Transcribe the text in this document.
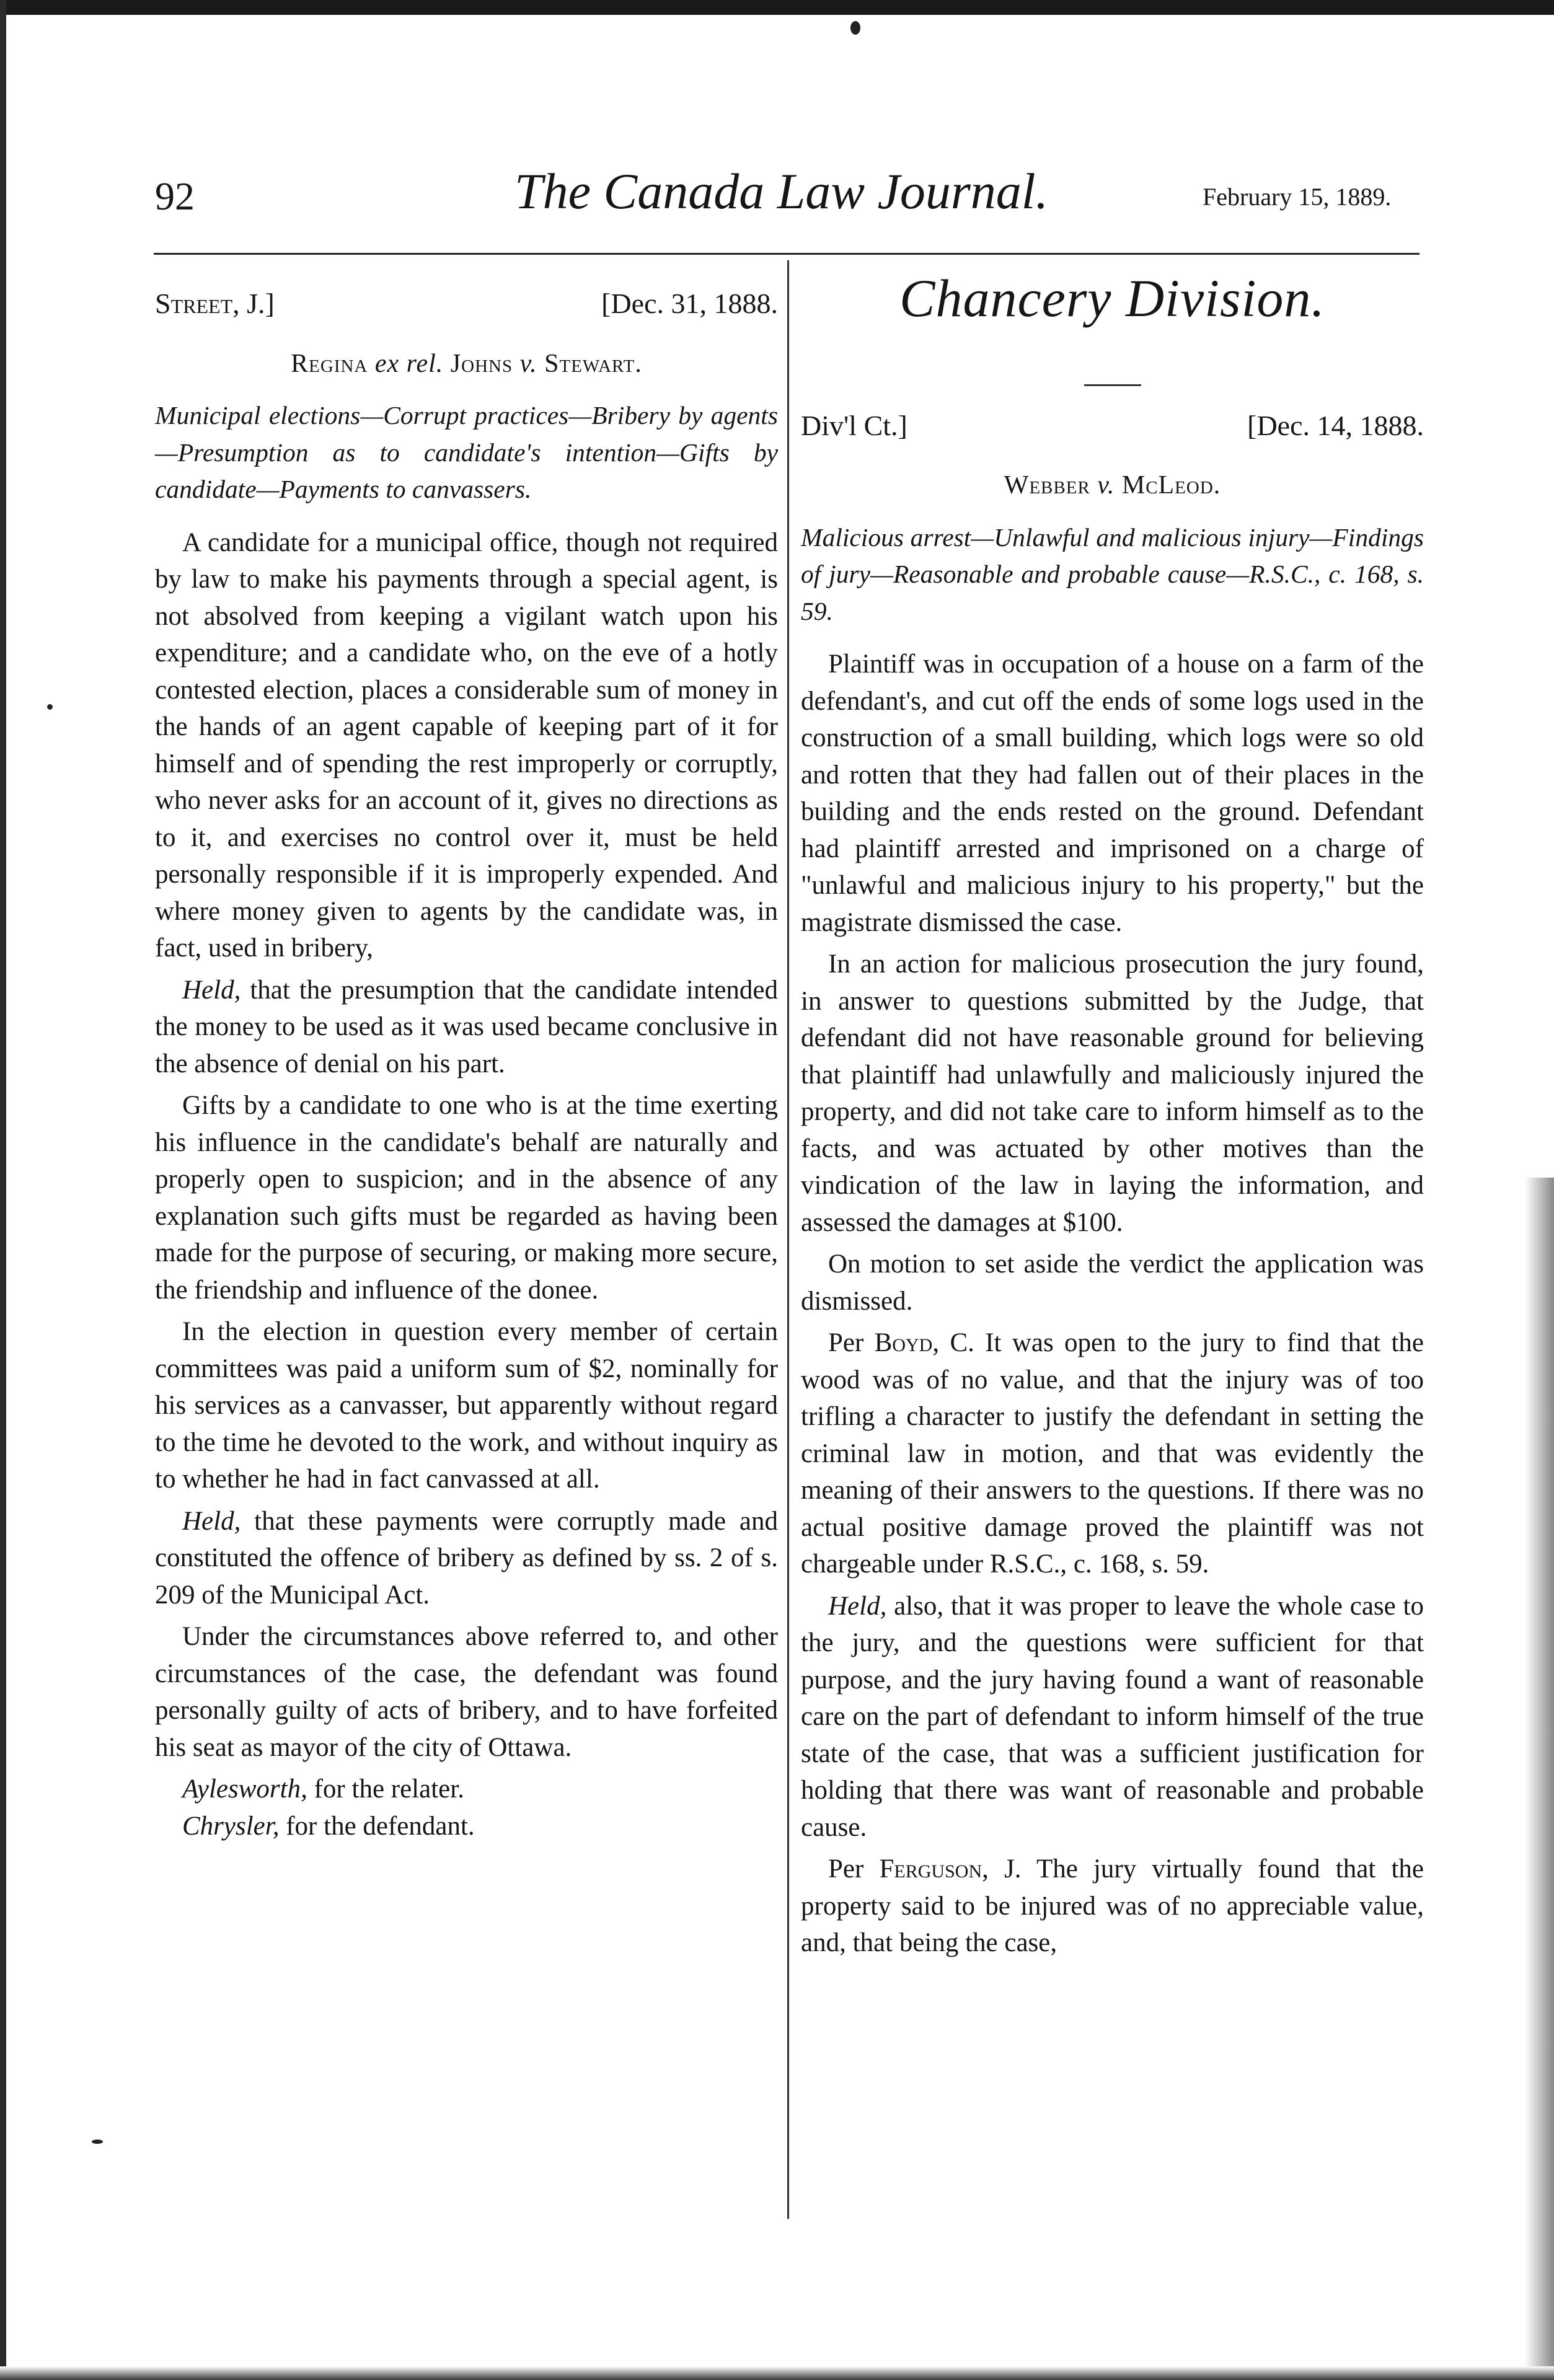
92	The Canada Law Journal.	February 15, 1889.
Street, J.]	[Dec. 31, 1888.
Regina ex rel. Johns v. Stewart.
Municipal elections—Corrupt practices—Bribery by agents—Presumption as to candidate's intention—Gifts by candidate—Payments to canvassers.

A candidate for a municipal office, though not required by law to make his payments through a special agent, is not absolved from keeping a vigilant watch upon his expenditure; and a candidate who, on the eve of a hotly contested election, places a considerable sum of money in the hands of an agent capable of keeping part of it for himself and of spending the rest improperly or corruptly, who never asks for an account of it, gives no directions as to it, and exercises no control over it, must be held personally responsible if it is improperly expended. And where money given to agents by the candidate was, in fact, used in bribery,

Held, that the presumption that the candidate intended the money to be used as it was used became conclusive in the absence of denial on his part.

Gifts by a candidate to one who is at the time exerting his influence in the candidate's behalf are naturally and properly open to suspicion; and in the absence of any explanation such gifts must be regarded as having been made for the purpose of securing, or making more secure, the friendship and influence of the donee.

In the election in question every member of certain committees was paid a uniform sum of $2, nominally for his services as a canvasser, but apparently without regard to the time he devoted to the work, and without inquiry as to whether he had in fact canvassed at all.

Held, that these payments were corruptly made and constituted the offence of bribery as defined by ss. 2 of s. 209 of the Municipal Act.

Under the circumstances above referred to, and other circumstances of the case, the defendant was found personally guilty of acts of bribery, and to have forfeited his seat as mayor of the city of Ottawa.

Aylesworth, for the relater.

Chrysler, for the defendant.

Chancery Division.
Div'l Ct.]	[Dec. 14, 1888.
Webber v. McLeod.
Malicious arrest—Unlawful and malicious injury—Findings of jury—Reasonable and probable cause—R.S.C., c. 168, s. 59.

Plaintiff was in occupation of a house on a farm of the defendant's, and cut off the ends of some logs used in the construction of a small building, which logs were so old and rotten that they had fallen out of their places in the building and the ends rested on the ground. Defendant had plaintiff arrested and imprisoned on a charge of "unlawful and malicious injury to his property," but the magistrate dismissed the case.

In an action for malicious prosecution the jury found, in answer to questions submitted by the Judge, that defendant did not have reasonable ground for believing that plaintiff had unlawfully and maliciously injured the property, and did not take care to inform himself as to the facts, and was actuated by other motives than the vindication of the law in laying the information, and assessed the damages at $100.

On motion to set aside the verdict the application was dismissed.

Per Boyd, C. It was open to the jury to find that the wood was of no value, and that the injury was of too trifling a character to justify the defendant in setting the criminal law in motion, and that was evidently the meaning of their answers to the questions. If there was no actual positive damage proved the plaintiff was not chargeable under R.S.C., c. 168, s. 59.

Held, also, that it was proper to leave the whole case to the jury, and the questions were sufficient for that purpose, and the jury having found a want of reasonable care on the part of defendant to inform himself of the true state of the case, that was a sufficient justification for holding that there was want of reasonable and probable cause.

Per Ferguson, J. The jury virtually found that the property said to be injured was of no appreciable value, and, that being the case,
